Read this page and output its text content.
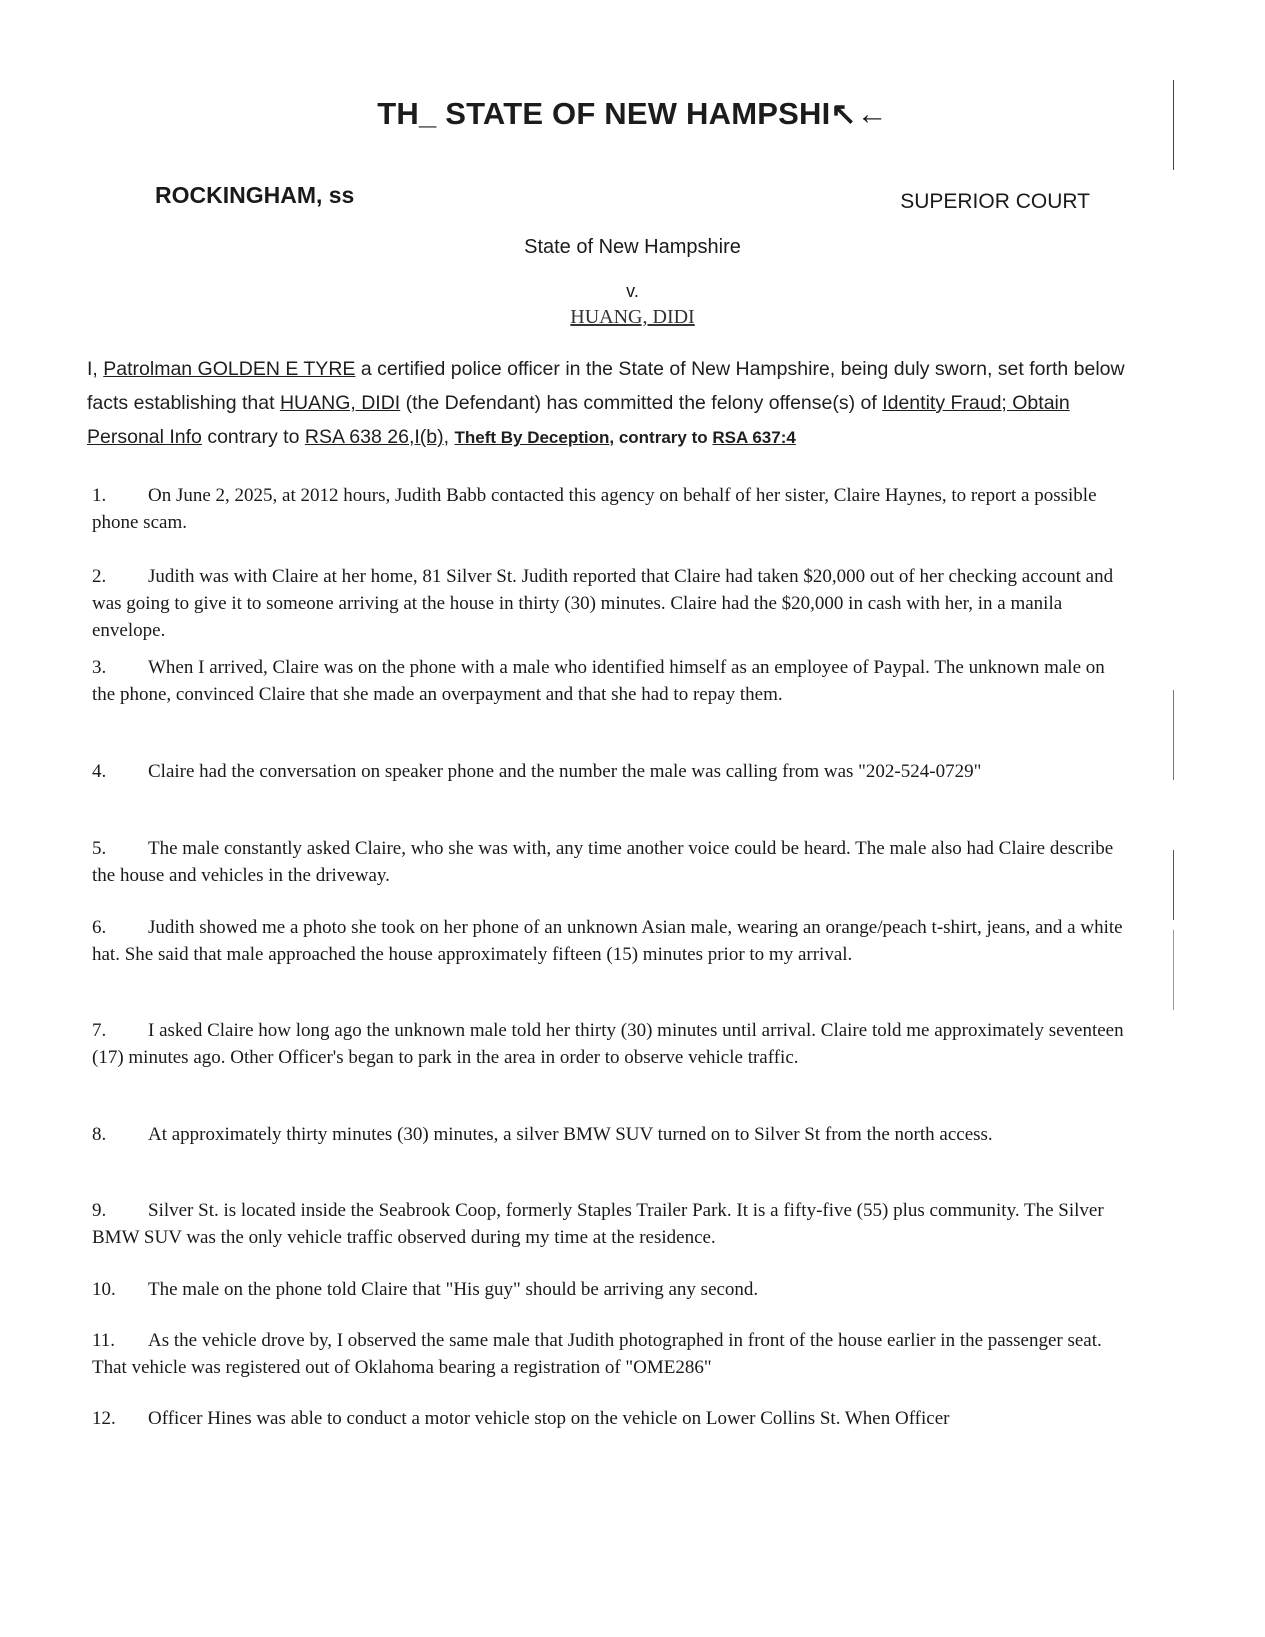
TH_ STATE OF NEW HAMPSHI↖←
ROCKINGHAM, ss	SUPERIOR COURT
State of New Hampshire
v.
HUANG, DIDI
I, Patrolman GOLDEN E TYRE a certified police officer in the State of New Hampshire, being duly sworn, set forth below facts establishing that HUANG, DIDI (the Defendant) has committed the felony offense(s) of Identity Fraud; Obtain Personal Info contrary to RSA 638 26,I(b), Theft By Deception, contrary to RSA 637:4
1. On June 2, 2025, at 2012 hours, Judith Babb contacted this agency on behalf of her sister, Claire Haynes, to report a possible phone scam.
2. Judith was with Claire at her home, 81 Silver St. Judith reported that Claire had taken $20,000 out of her checking account and was going to give it to someone arriving at the house in thirty (30) minutes. Claire had the $20,000 in cash with her, in a manila envelope.
3. When I arrived, Claire was on the phone with a male who identified himself as an employee of Paypal. The unknown male on the phone, convinced Claire that she made an overpayment and that she had to repay them.
4. Claire had the conversation on speaker phone and the number the male was calling from was "202-524-0729"
5. The male constantly asked Claire, who she was with, any time another voice could be heard. The male also had Claire describe the house and vehicles in the driveway.
6. Judith showed me a photo she took on her phone of an unknown Asian male, wearing an orange/peach t-shirt, jeans, and a white hat. She said that male approached the house approximately fifteen (15) minutes prior to my arrival.
7. I asked Claire how long ago the unknown male told her thirty (30) minutes until arrival. Claire told me approximately seventeen (17) minutes ago. Other Officer's began to park in the area in order to observe vehicle traffic.
8. At approximately thirty minutes (30) minutes, a silver BMW SUV turned on to Silver St from the north access.
9. Silver St. is located inside the Seabrook Coop, formerly Staples Trailer Park. It is a fifty-five (55) plus community. The Silver BMW SUV was the only vehicle traffic observed during my time at the residence.
10. The male on the phone told Claire that "His guy" should be arriving any second.
11. As the vehicle drove by, I observed the same male that Judith photographed in front of the house earlier in the passenger seat. That vehicle was registered out of Oklahoma bearing a registration of "OME286"
12. Officer Hines was able to conduct a motor vehicle stop on the vehicle on Lower Collins St. When Officer
